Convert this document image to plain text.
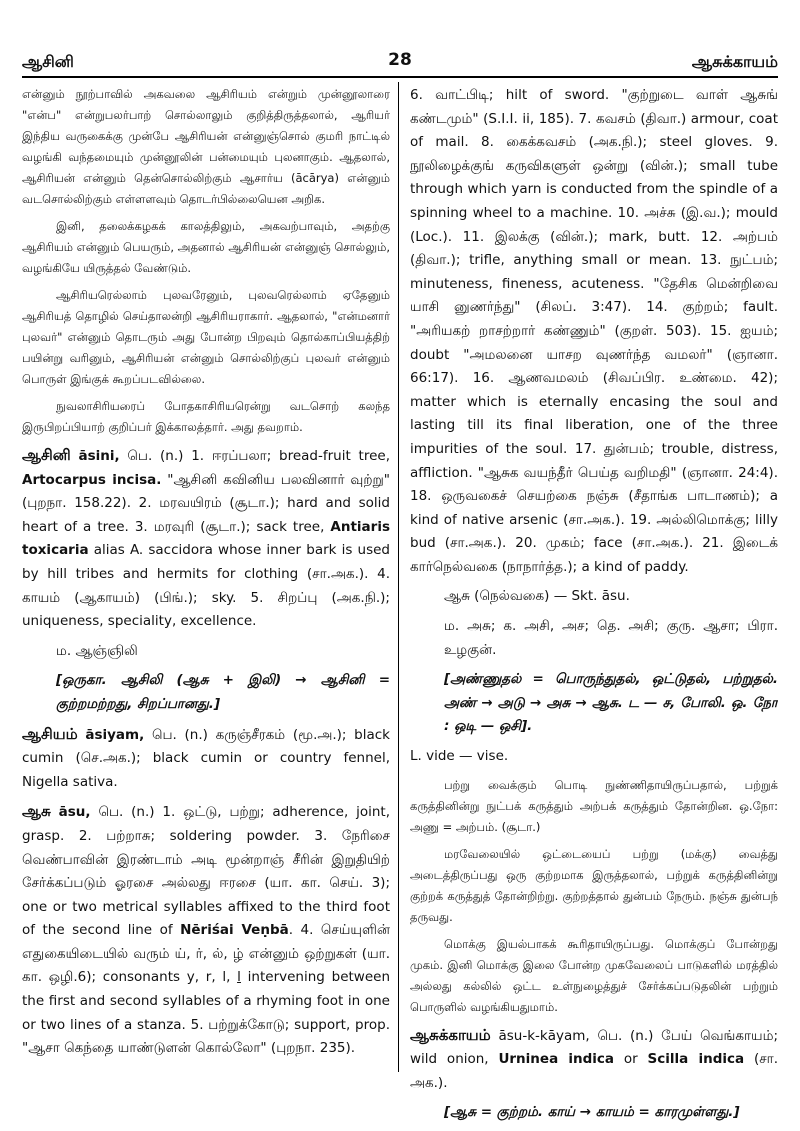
ஆசினி	28	ஆசுக்காயம்

என்னும் நூற்பாவில் அகவலை ஆசிரியம் என்றும் முன்னூலாரை "என்ப" என்றுபலர்பாற் சொல்லாலும் குறித்திருத்தலால், ஆரியர் இந்திய வருகைக்கு முன்பே ஆசிரியன் என்னுஞ்சொல் குமரி நாட்டில் வழங்கி வந்தமையும் முன்னூலின் பன்மையும் புலனாகும். ஆதலால், ஆசிரியன் என்னும் தென்சொல்லிற்கும் ஆசார்ய (ācārya) என்னும் வடசொல்லிற்கும் எள்ளளவும் தொடர்பில்லையென அறிக.

இனி, தலைக்கழகக் காலத்திலும், அகவற்பாவும், அதற்கு ஆசிரியம் என்னும் பெயரும், அதனால் ஆசிரியன் என்னுஞ் சொல்லும், வழங்கியே யிருத்தல் வேண்டும்.

ஆசிரியரெல்லாம் புலவரேனும், புலவரெல்லாம் ஏதேனும் ஆசிரியத் தொழில் செய்தாலன்றி ஆசிரியராகார். ஆதலால், "என்மனார் புலவர்" என்னும் தொடரும் அது போன்ற பிறவும் தொல்காப்பியத்திற் பயின்று வரினும், ஆசிரியன் என்னும் சொல்லிற்குப் புலவர் என்னும் பொருள் இங்குக் கூறப்படவில்லை.

நுவலாசிரியரைப் போதகாசிரியரென்று வடசொற் கலந்த இருபிறப்பியாற் குறிப்பர் இக்காலத்தார். அது தவறாம்.

ஆசினி āsini, பெ. (n.) 1. ஈரப்பலா; bread-fruit tree, Artocarpus incisa. "ஆசினி கவினிய பலவினார் வுற்று" (புறநா. 158.22). 2. மரவயிரம் (சூடா.); hard and solid heart of a tree. 3. மரவுரி (சூடா.); sack tree, Antiaris toxicaria alias A. saccidora whose inner bark is used by hill tribes and hermits for clothing (சா.அக.). 4. காயம் (ஆகாயம்) (பிங்.); sky. 5. சிறப்பு (அக.நி.); uniqueness, speciality, excellence.

ம. ஆஞ்ஞிலி

[ஒருகா. ஆசிலி (ஆசு + இலி) → ஆசினி = குற்றமற்றது, சிறப்பானது.]

ஆசியம் āsiyam, பெ. (n.) கருஞ்சீரகம் (மூ.அ.); black cumin (செ.அக.); black cumin or country fennel, Nigella sativa.

ஆசு āsu, பெ. (n.) 1. ஒட்டு, பற்று; adherence, joint, grasp. 2. பற்றாசு; soldering powder. 3. நேரிசை வெண்பாவின் இரண்டாம் அடி மூன்றாஞ் சீரின் இறுதியிற் சேர்க்கப்படும் ஓரசை அல்லது ஈரசை (யா. கா. செய். 3); one or two metrical syllables affixed to the third foot of the second line of Nēriśai Veṇbā. 4. செய்யுளின் எதுகையிடையில் வரும் ய், ர், ல், ழ் என்னும் ஒற்றுகள் (யா. கா. ஒழி.6); consonants y, r, l, ḻ intervening between the first and second syllables of a rhyming foot in one or two lines of a stanza. 5. பற்றுக்கோடு; support, prop. "ஆசா கெந்தை யாண்டுளன் கொல்லோ" (புறநா. 235).

6. வாட்பிடி; hilt of sword. "குற்றுடை வாள் ஆசுங் கண்டமும்" (S.I.I. ii, 185). 7. கவசம் (திவா.) armour, coat of mail. 8. கைக்கவசம் (அக.நி.); steel gloves. 9. நூலிழைக்குங் கருவிகளுள் ஒன்று (வின்.); small tube through which yarn is conducted from the spindle of a spinning wheel to a machine. 10. அச்சு (இ.வ.); mould (Loc.). 11. இலக்கு (வின்.); mark, butt. 12. அற்பம் (திவா.); trifle, anything small or mean. 13. நுட்பம்; minuteness, fineness, acuteness. "தேசிக மென்றிவை யாசி னுணர்ந்து" (சிலப். 3:47). 14. குற்றம்; fault. "அரியகற் றாசற்றார் கண்ணும்" (குறள். 503). 15. ஐயம்; doubt "அமலனை யாசற வுணர்ந்த வமலர்" (ஞானா. 66:17). 16. ஆணவமலம் (சிவப்பிர. உண்மை. 42); matter which is eternally encasing the soul and lasting till its final liberation, one of the three impurities of the soul. 17. துன்பம்; trouble, distress, affliction. "ஆசுக வயந்தீர் பெய்த வறிமதி" (ஞானா. 24:4). 18. ஒருவகைச் செயற்கை நஞ்சு (சீதாங்க பாடாணம்); a kind of native arsenic (சா.அக.). 19. அல்லிமொக்கு; lilly bud (சா.அக.). 20. முகம்; face (சா.அக.). 21. இடைக் கார்நெல்வகை (நாநார்த்த.); a kind of paddy.

ஆசு (நெல்வகை) — Skt. āsu.

ம. அசு; க. அசி, அச; தெ. அசி; குரு. ஆசா; பிரா. உழகுன்.

[அண்ணுதல் = பொருந்துதல், ஒட்டுதல், பற்றுதல். அண் → அடு → அசு → ஆசு. ட — ச, போலி. ஒ. நோ : ஒடி — ஒசி].

L. vide — vise.

பற்று வைக்கும் பொடி நுண்ணிதாயிருப்பதால், பற்றுக் கருத்தினின்று நுட்பக் கருத்தும் அற்பக் கருத்தும் தோன்றின. ஒ.நோ: அணு = அற்பம். (சூடா.)

மரவேலையில் ஒட்டையைப் பற்று (மக்கு) வைத்து அடைத்திருப்பது ஒரு குற்றமாக இருத்தலால், பற்றுக் கருத்தினின்று குற்றக் கருத்துத் தோன்றிற்று. குற்றத்தால் துன்பம் நேரும். நஞ்சு துன்பந் தருவது.

மொக்கு இயல்பாகக் கூரிதாயிருப்பது. மொக்குப் போன்றது முகம். இனி மொக்கு இலை போன்ற முகவேலைப் பாடுகளில் மரத்தில் அல்லது கல்லில் ஒட்ட உள்நுழைத்துச் சேர்க்கப்படுதலின் பற்றும் பொருளில் வழங்கியதுமாம்.

ஆசுக்காயம் āsu-k-kāyam, பெ. (n.) பேய் வெங்காயம்; wild onion, Urninea indica or Scilla indica (சா. அக.).

[ஆசு = குற்றம். காய் → காயம் = காரமுள்ளது.]
